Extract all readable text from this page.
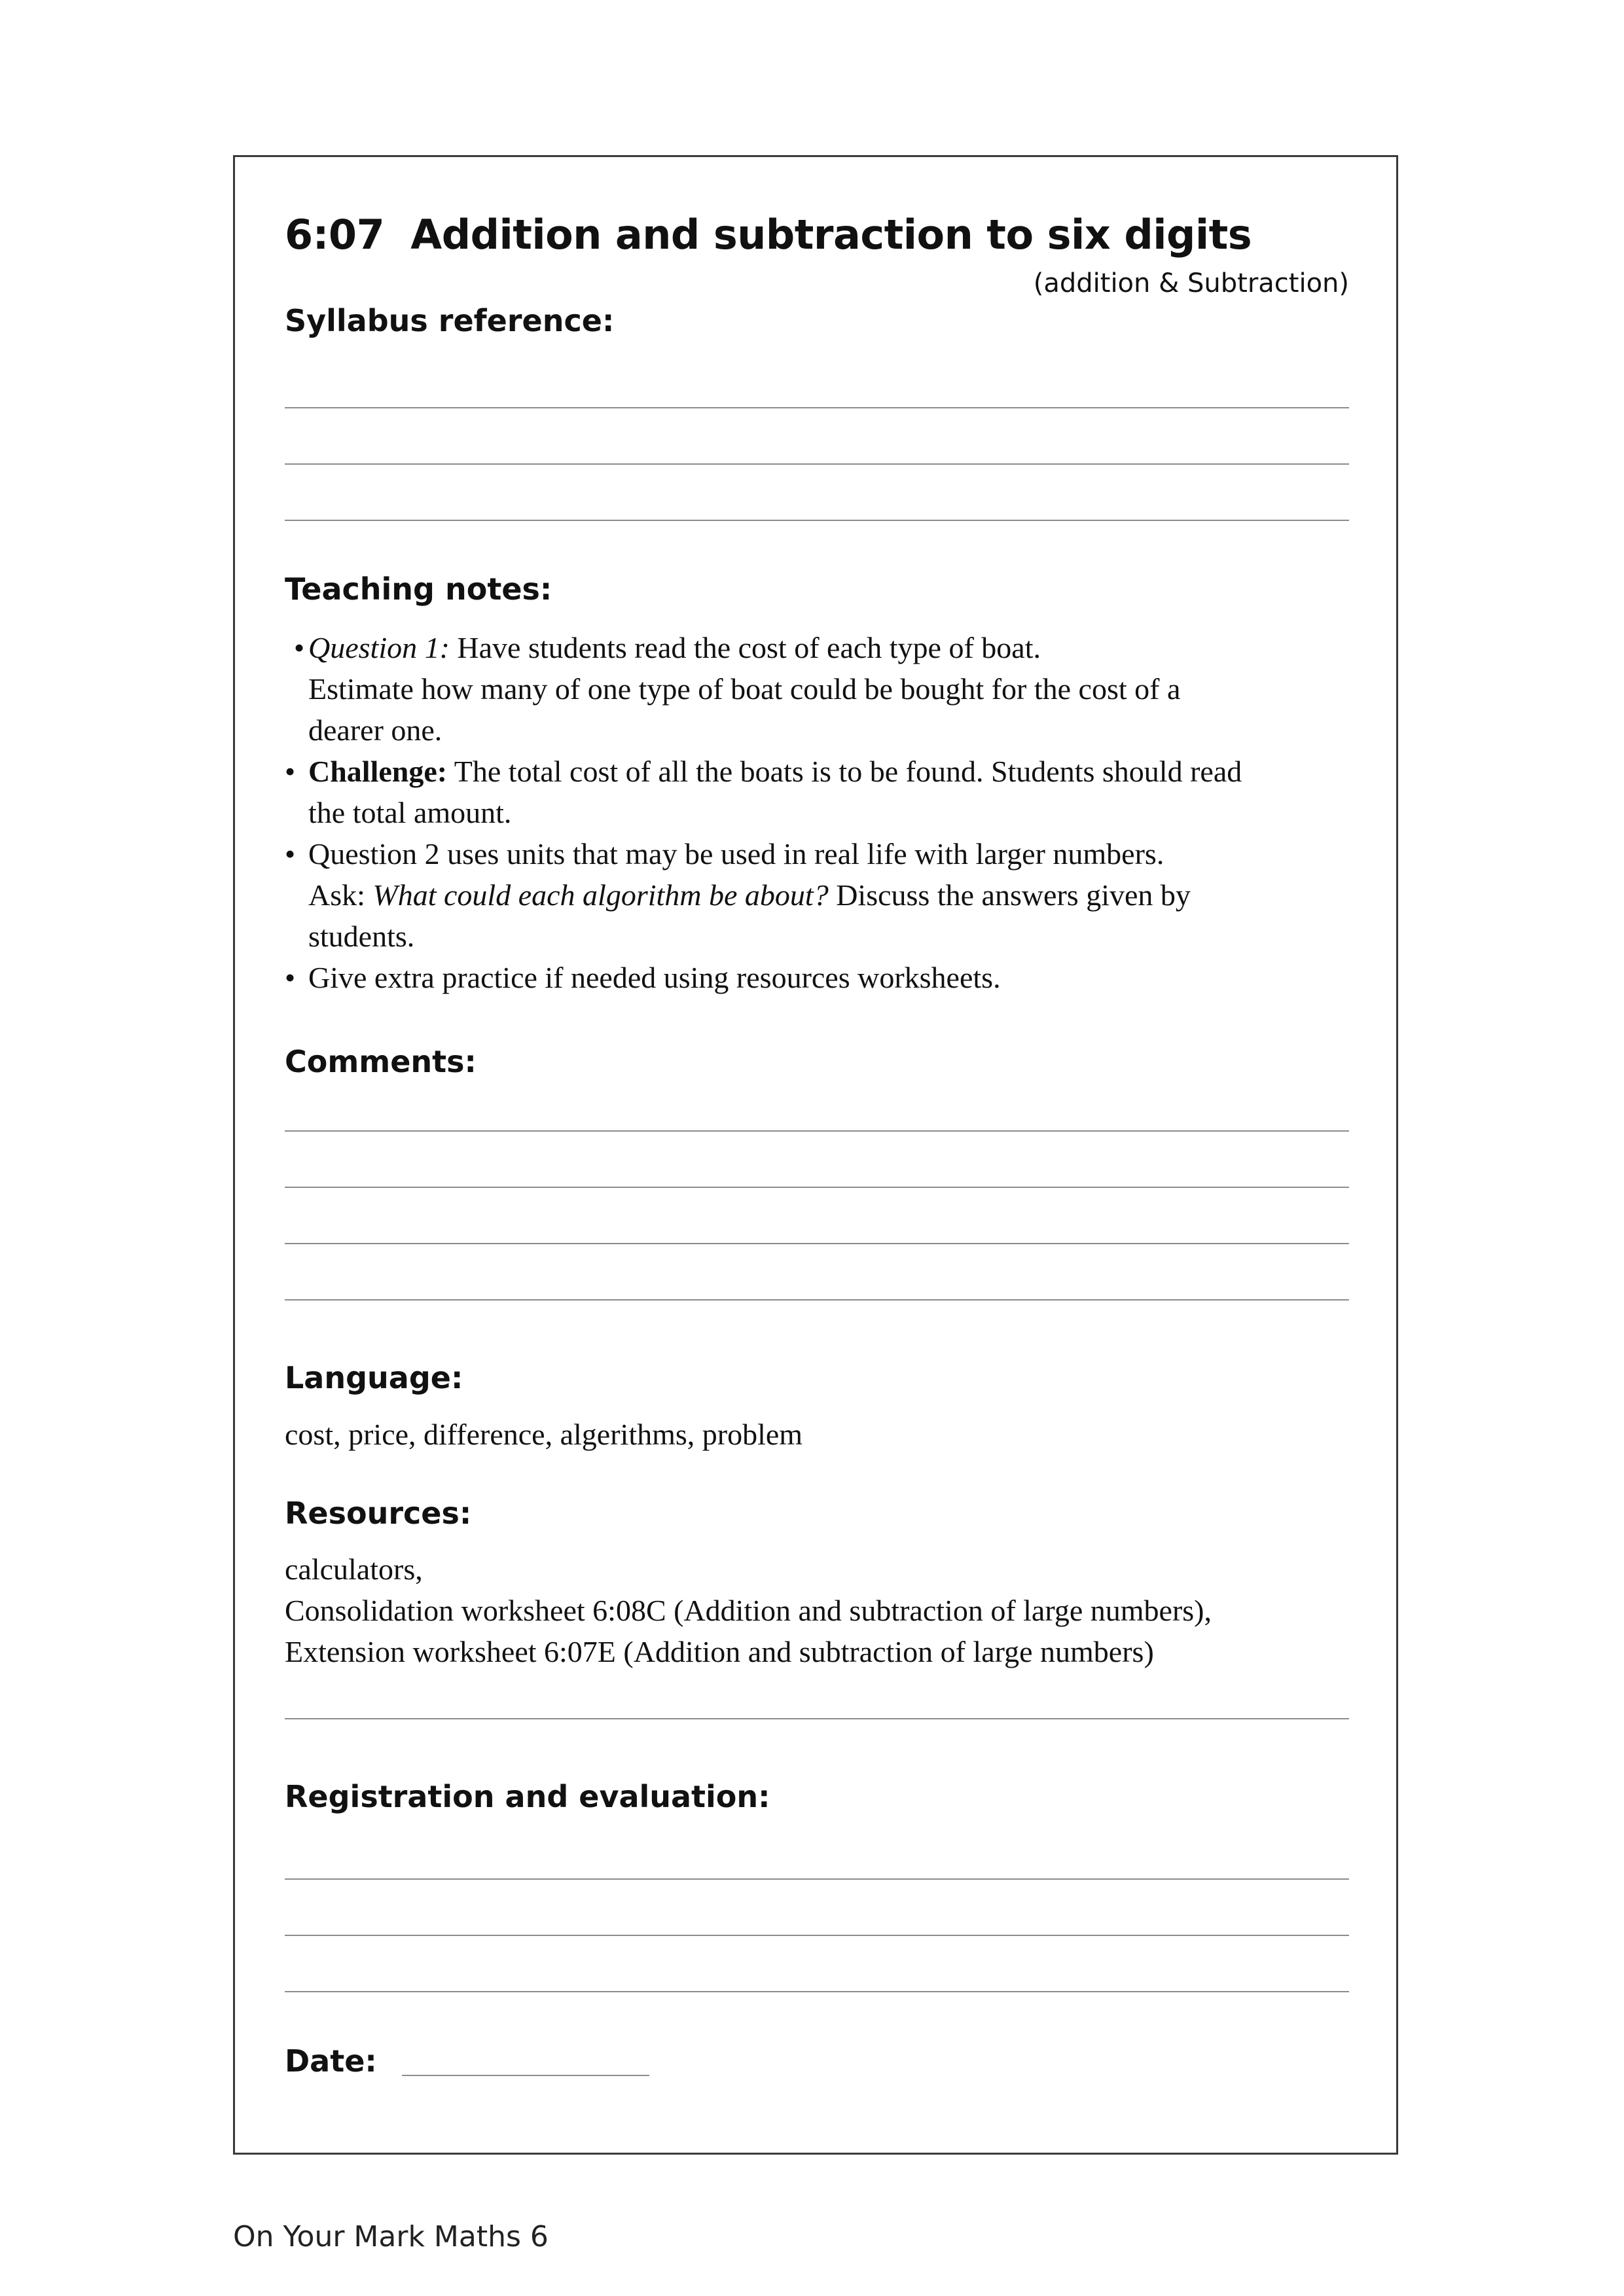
6:07 Addition and subtraction to six digits
(addition & Subtraction)
Syllabus reference:
Teaching notes:
• Question 1: Have students read the cost of each type of boat.
Estimate how many of one type of boat could be bought for the cost of a
dearer one.
• Challenge: The total cost of all the boats is to be found. Students should read
the total amount.
• Question 2 uses units that may be used in real life with larger numbers.
Ask: What could each algorithm be about? Discuss the answers given by
students.
• Give extra practice if needed using resources worksheets.
Comments:
Language:
cost, price, difference, algerithms, problem
Resources:
calculators,
Consolidation worksheet 6:08C (Addition and subtraction of large numbers),
Extension worksheet 6:07E (Addition and subtraction of large numbers)
Registration and evaluation:
Date:
On Your Mark Maths 6
